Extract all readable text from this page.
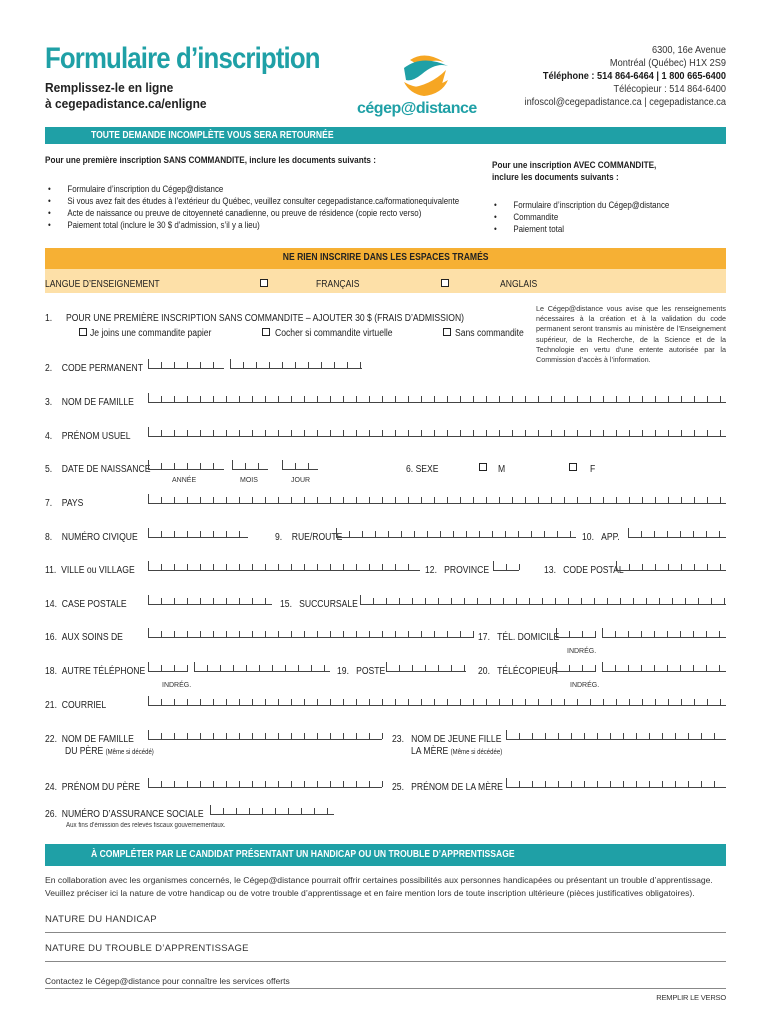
Formulaire d’inscription
Remplissez-le en ligne
à cegepadistance.ca/enligne	cégep@distance
6300, 16e Avenue
Montréal (Québec) H1X 2S9
Téléphone : 514 864-6464 | 1 800 665-6400
Télécopieur : 514 864-6400
infoscol@cegepadistance.ca | cegepadistance.ca
TOUTE DEMANDE INCOMPLÈTE VOUS SERA RETOURNÉE
Pour une première inscription SANS COMMANDITE, inclure les documents suivants :
• Formulaire d’inscription du Cégep@distance
• Si vous avez fait des études à l’extérieur du Québec, veuillez consulter cegepadistance.ca/formationequivalente
• Acte de naissance ou preuve de citoyenneté canadienne, ou preuve de résidence (copie recto verso)
• Paiement total (inclure le 30 $ d’admission, s’il y a lieu)
Pour une inscription AVEC COMMANDITE,
inclure les documents suivants :
• Formulaire d’inscription du Cégep@distance
• Commandite
• Paiement total
NE RIEN INSCRIRE DANS LES ESPACES TRAMÉS
LANGUE D’ENSEIGNEMENT	FRANÇAIS	ANGLAIS
1. POUR UNE PREMIÈRE INSCRIPTION SANS COMMANDITE – AJOUTER 30 $ (FRAIS D’ADMISSION)
Je joins une commandite papier	Cocher si commandite virtuelle	Sans commandite
Le Cégep@distance vous avise que les renseignements nécessaires à la création et à la validation du code permanent seront transmis au ministère de l’Enseignement supérieur, de la Recherche, de la Science et de la Technologie en vertu d’une entente autorisée par la Commission d’accès à l’information.
2.    CODE PERMANENT
3.    NOM DE FAMILLE
4.    PRÉNOM USUEL
5.    DATE DE NAISSANCE
ANNÉE	MOIS	JOUR
6. SEXE	M	F
7.    PAYS
8.    NUMÉRO CIVIQUE	9.    RUE/ROUTE	10.   APP.
11.  VILLE ou VILLAGE	12.   PROVINCE	13.   CODE POSTAL
14.  CASE POSTALE	15.   SUCCURSALE
16.  AUX SOINS DE	17.   TÉL. DOMICILE
INDRÉG.
18.  AUTRE TÉLÉPHONE
INDRÉG.
19.   POSTE	20.   TÉLÉCOPIEUR
INDRÉG.
21.  COURRIEL
22.  NOM DE FAMILLE
DU PÈRE (Même si décédé)
23.   NOM DE JEUNE FILLE
LA MÈRE (Même si décédée)
24.  PRÉNOM DU PÈRE	25.   PRÉNOM DE LA MÈRE
26.  NUMÉRO D’ASSURANCE SOCIALE
Aux fins d’émission des relevés fiscaux gouvernementaux.
À COMPLÉTER PAR LE CANDIDAT PRÉSENTANT UN HANDICAP OU UN TROUBLE D’APPRENTISSAGE
En collaboration avec les organismes concernés, le Cégep@distance pourrait offrir certaines possibilités aux personnes handicapées ou présentant un trouble d’apprentissage. Veuillez préciser ici la nature de votre handicap ou de votre trouble d’apprentissage et en faire mention lors de toute inscription ultérieure (pièces justificatives obligatoires).
NATURE DU HANDICAP
NATURE DU TROUBLE D’APPRENTISSAGE
Contactez le Cégep@distance pour connaître les services offerts
REMPLIR LE VERSO
